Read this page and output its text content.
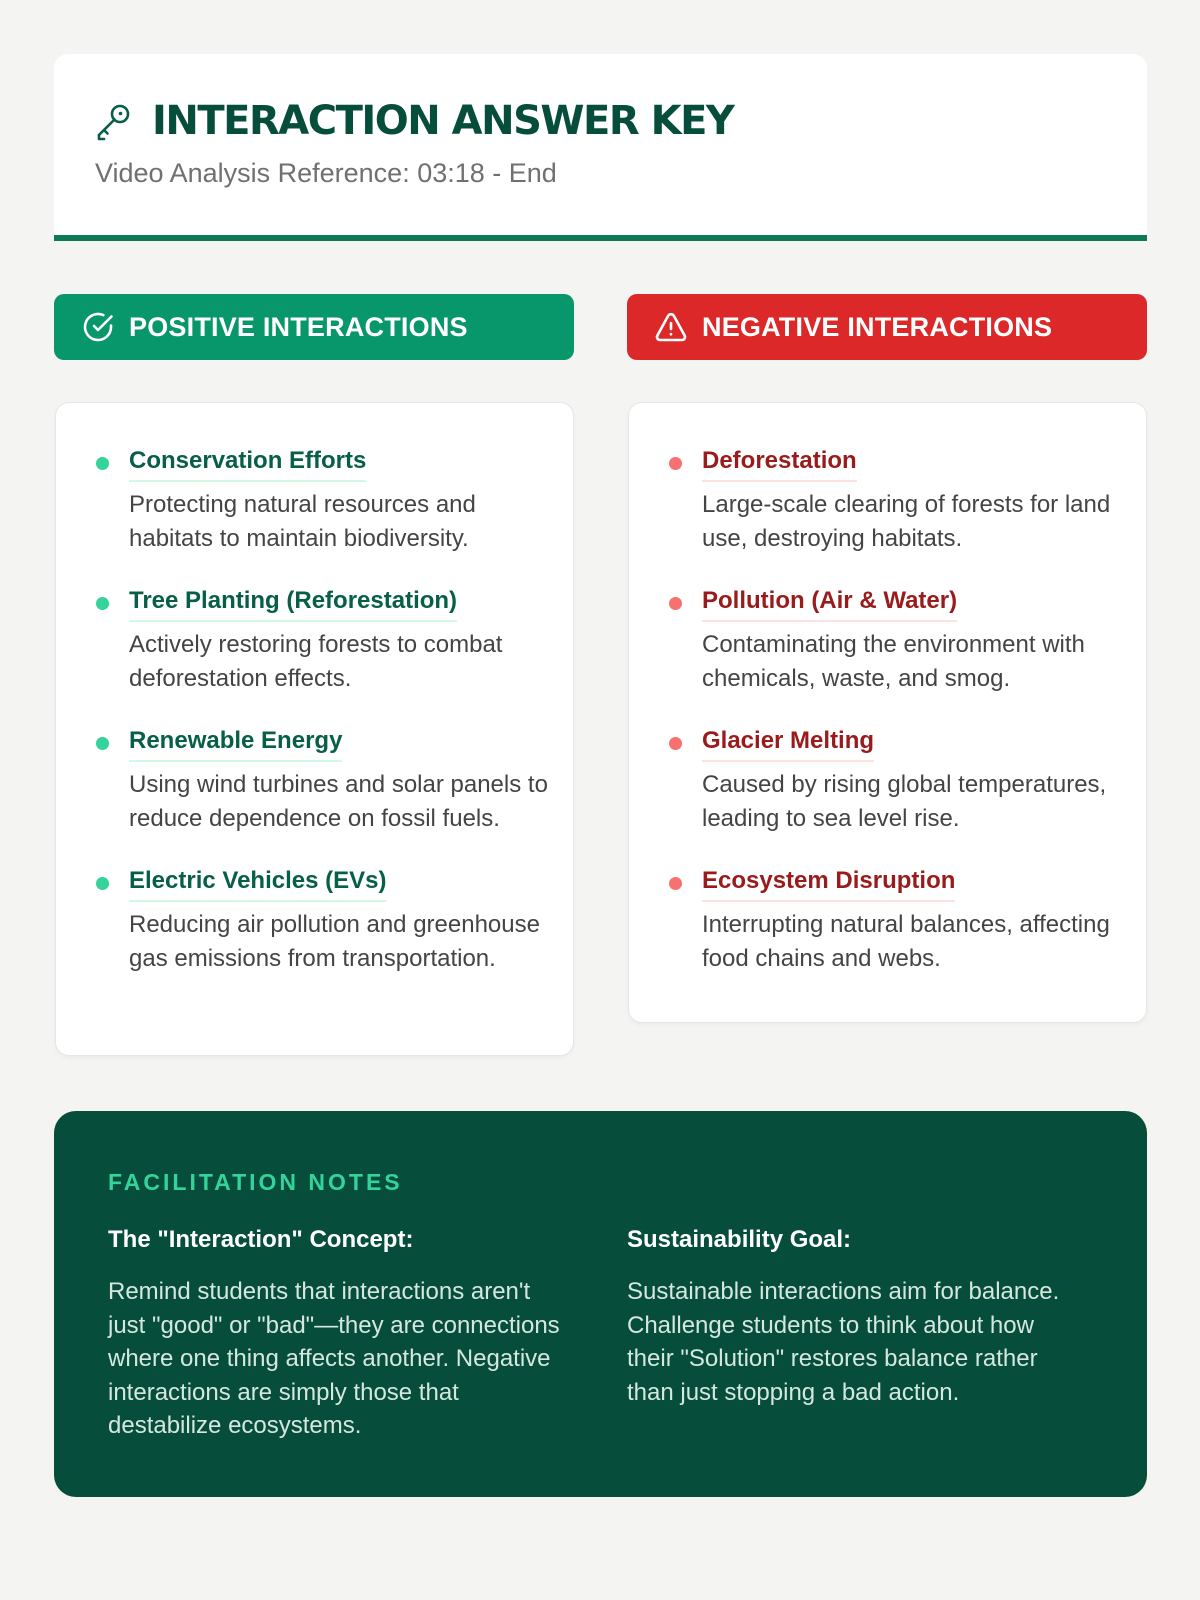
INTERACTION ANSWER KEY
Video Analysis Reference: 03:18 - End
POSITIVE INTERACTIONS	NEGATIVE INTERACTIONS
Conservation Efforts
Protecting natural resources and habitats to maintain biodiversity.
Tree Planting (Reforestation)
Actively restoring forests to combat deforestation effects.
Renewable Energy
Using wind turbines and solar panels to reduce dependence on fossil fuels.
Electric Vehicles (EVs)
Reducing air pollution and greenhouse gas emissions from transportation.
Deforestation
Large-scale clearing of forests for land use, destroying habitats.
Pollution (Air & Water)
Contaminating the environment with chemicals, waste, and smog.
Glacier Melting
Caused by rising global temperatures, leading to sea level rise.
Ecosystem Disruption
Interrupting natural balances, affecting food chains and webs.
FACILITATION NOTES
The "Interaction" Concept:
Remind students that interactions aren't just "good" or "bad"—they are connections where one thing affects another. Negative interactions are simply those that destabilize ecosystems.
Sustainability Goal:
Sustainable interactions aim for balance. Challenge students to think about how their "Solution" restores balance rather than just stopping a bad action.
